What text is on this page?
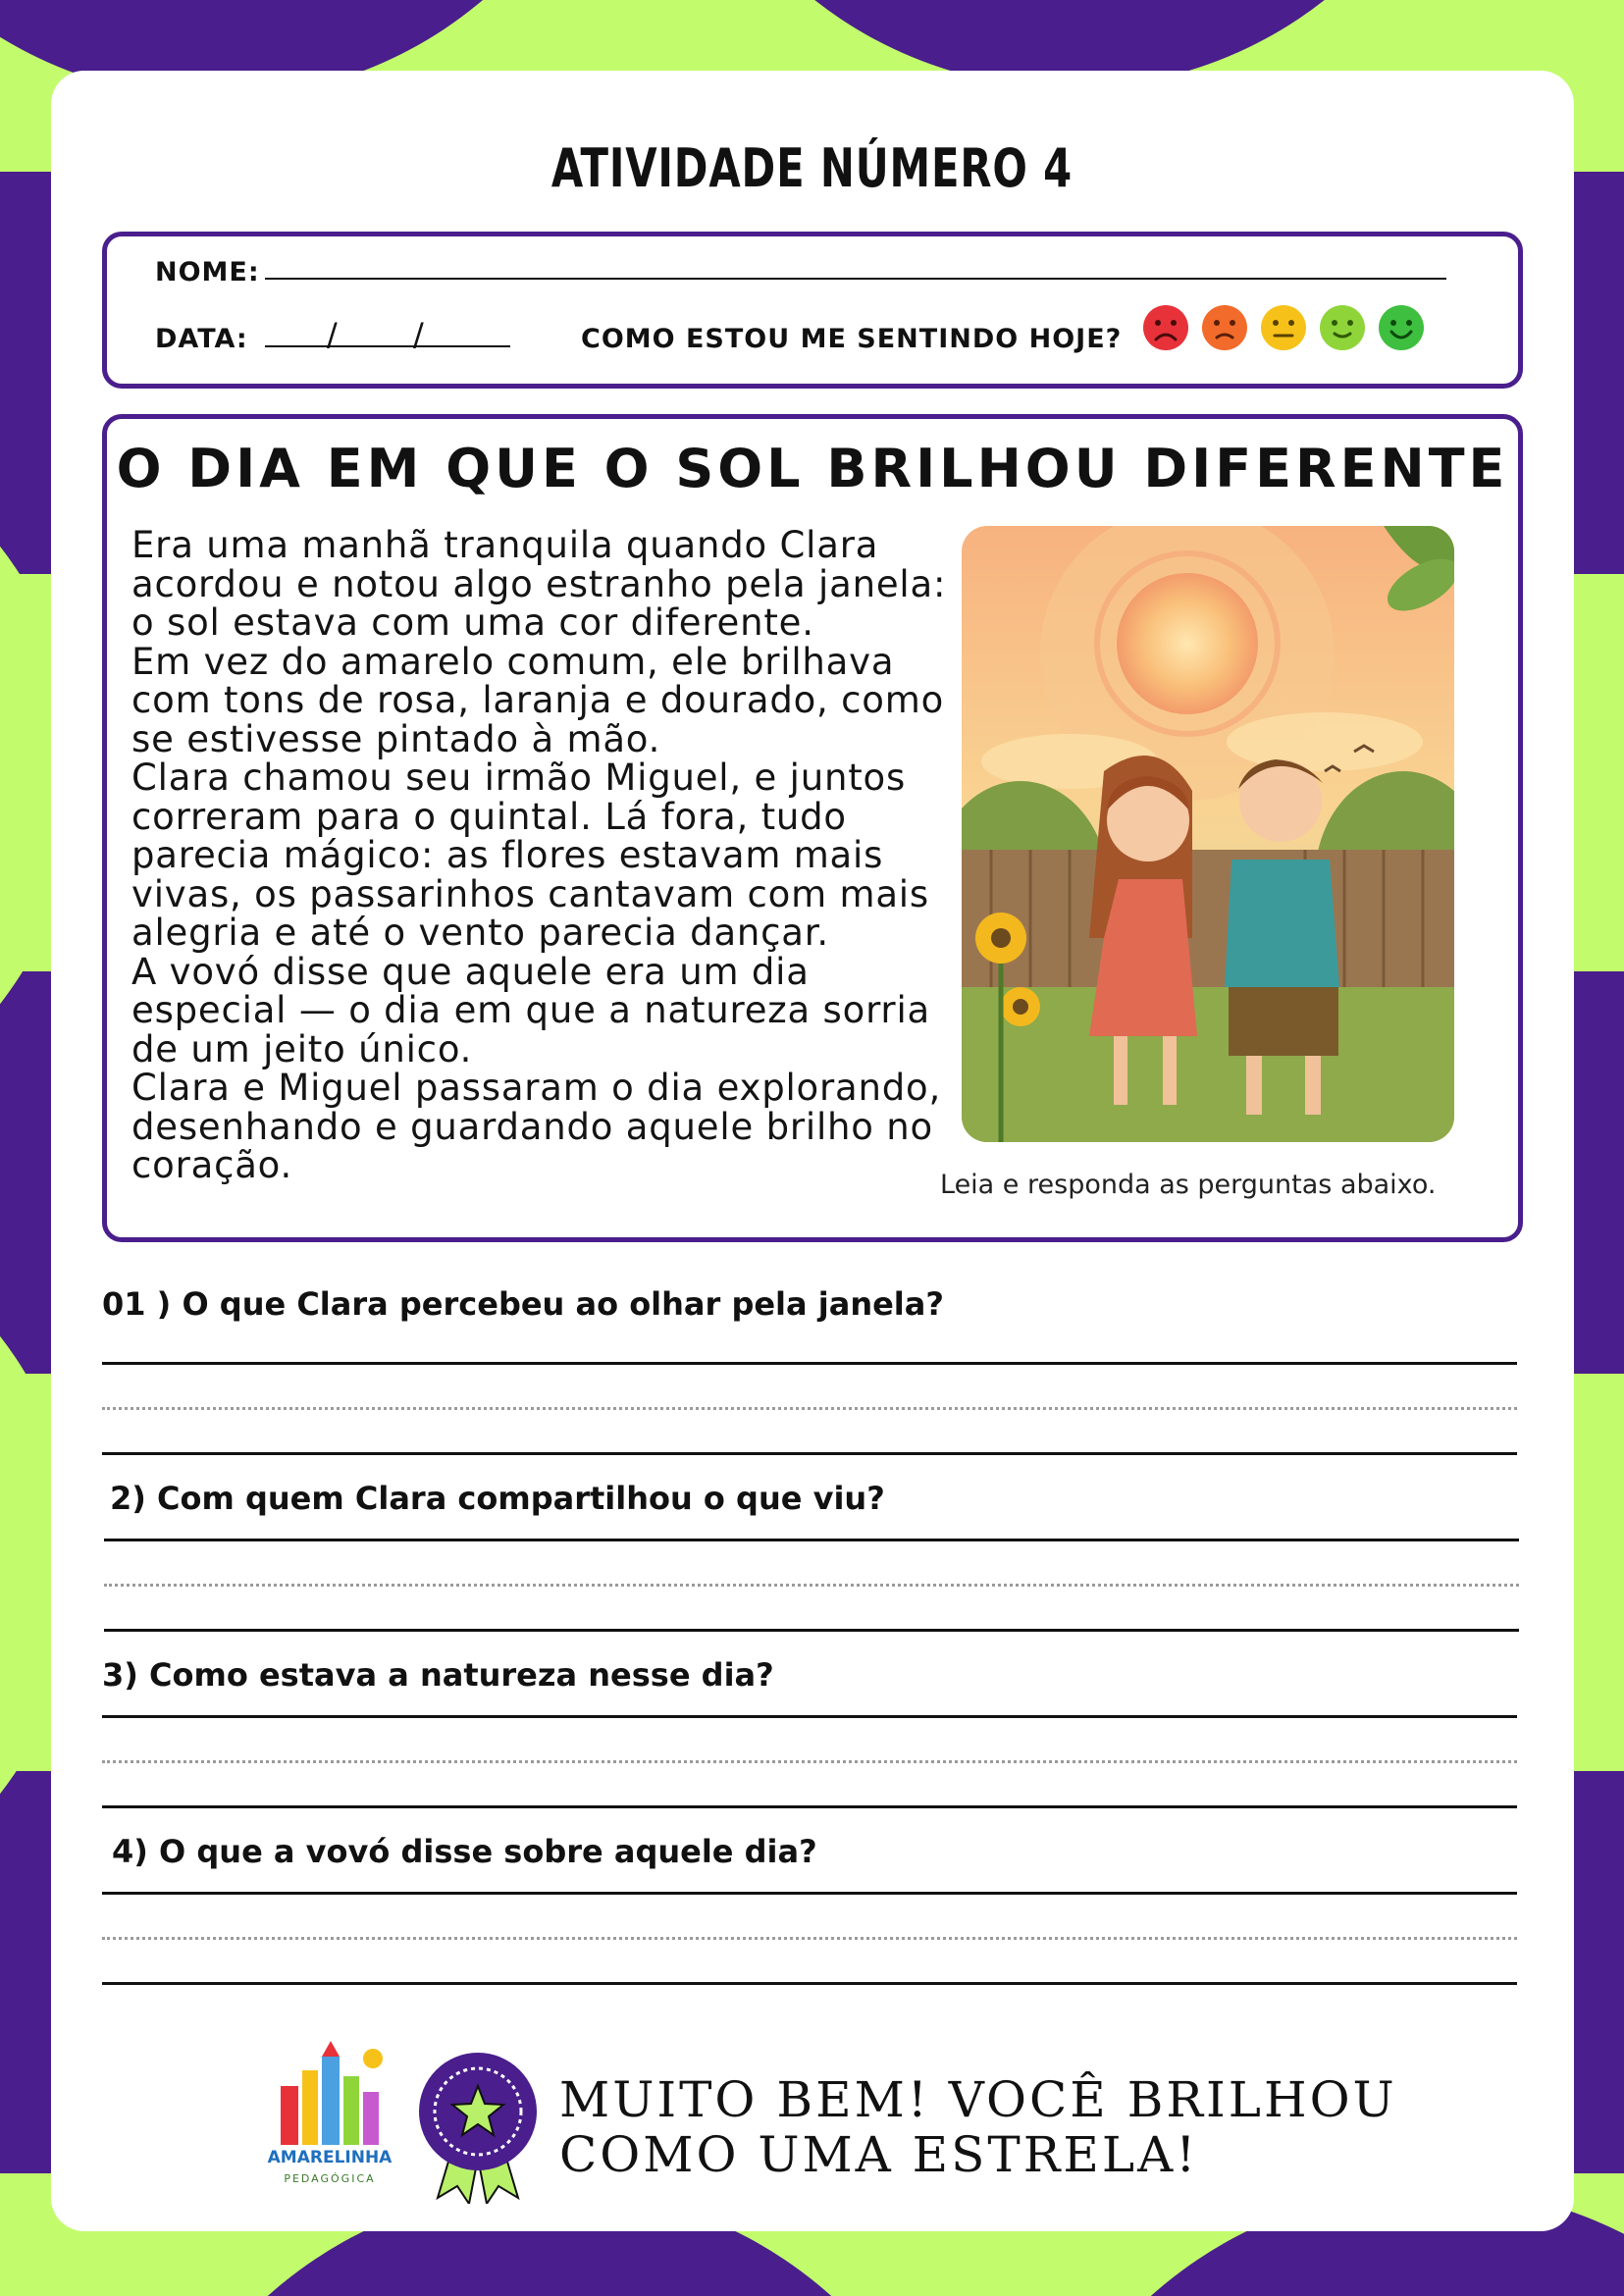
ATIVIDADE NÚMERO 4
NOME:
DATA:	/ /	COMO ESTOU ME SENTINDO HOJE?
O DIA EM QUE O SOL BRILHOU DIFERENTE

Era uma manhã tranquila quando Clara acordou e notou algo estranho pela janela: o sol estava com uma cor diferente.

Em vez do amarelo comum, ele brilhava com tons de rosa, laranja e dourado, como se estivesse pintado à mão.

Clara chamou seu irmão Miguel, e juntos correram para o quintal. Lá fora, tudo parecia mágico: as flores estavam mais vivas, os passarinhos cantavam com mais alegria e até o vento parecia dançar.

A vovó disse que aquele era um dia especial — o dia em que a natureza sorria de um jeito único.

Clara e Miguel passaram o dia explorando, desenhando e guardando aquele brilho no coração.	Leia e responda as perguntas abaixo.
01 ) O que Clara percebeu ao olhar pela janela?
2) Com quem Clara compartilhou o que viu?
3) Como estava a natureza nesse dia?
4) O que a vovó disse sobre aquele dia?
AMARELINHA
PEDAGÓGICA
MUITO BEM! VOCÊ BRILHOU
COMO UMA ESTRELA!
